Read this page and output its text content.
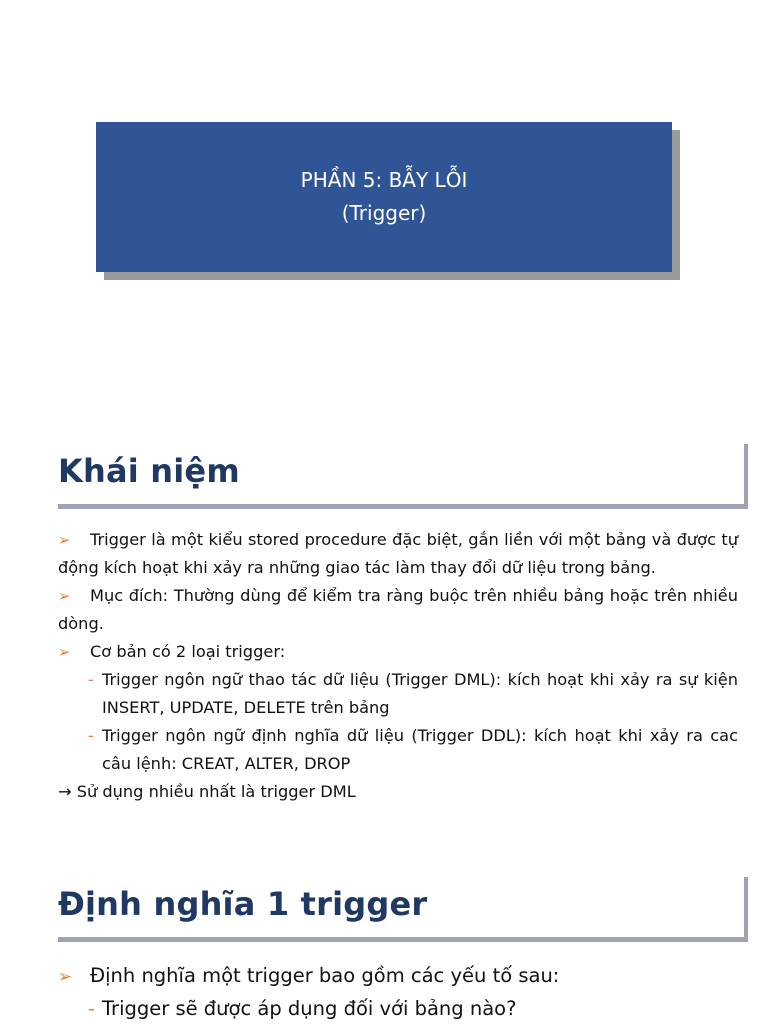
PHẦN 5: BẪY LỖI
(Trigger)
Khái niệm

➢ Trigger là một kiểu stored procedure đặc biệt, gắn liền với một bảng và được tự động kích hoạt khi xảy ra những giao tác làm thay đổi dữ liệu trong bảng.

➢ Mục đích: Thường dùng để kiểm tra ràng buộc trên nhiều bảng hoặc trên nhiều dòng.

➢ Cơ bản có 2 loại trigger:

- Trigger ngôn ngữ thao tác dữ liệu (Trigger DML): kích hoạt khi xảy ra sự kiện INSERT, UPDATE, DELETE trên bảng

- Trigger ngôn ngữ định nghĩa dữ liệu (Trigger DDL): kích hoạt khi xảy ra cac câu lệnh: CREAT, ALTER, DROP

→ Sử dụng nhiều nhất là trigger DML

Định nghĩa 1 trigger

➢ Định nghĩa một trigger bao gồm các yếu tố sau:

- Trigger sẽ được áp dụng đối với bảng nào?
